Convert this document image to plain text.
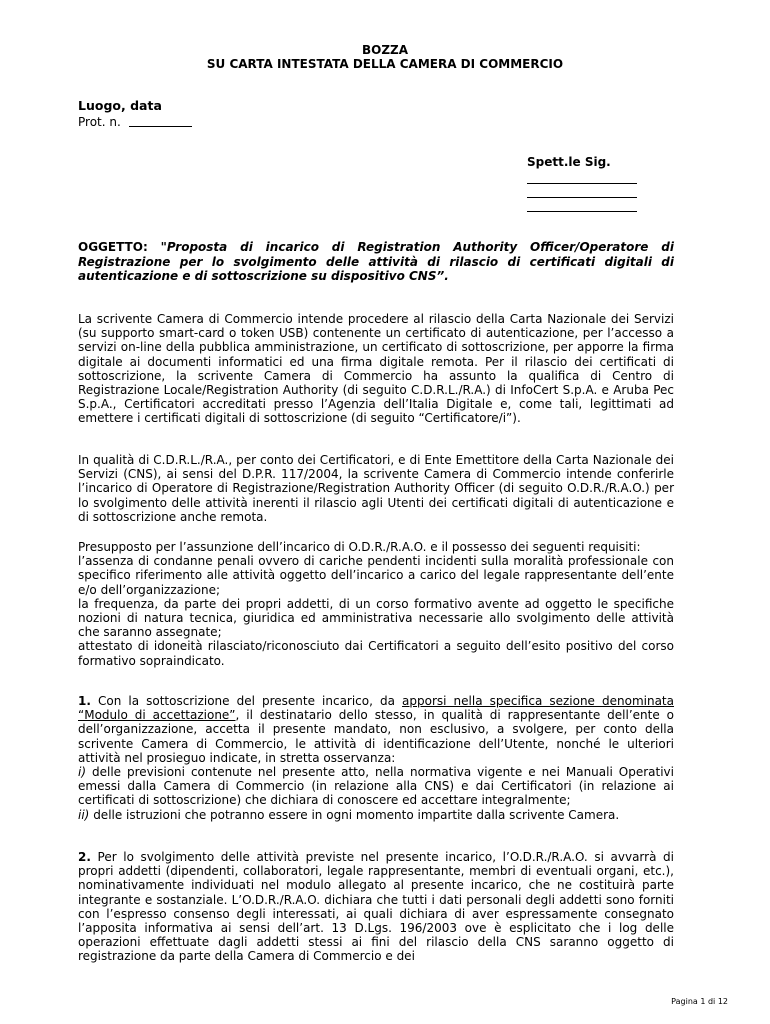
BOZZA
SU CARTA INTESTATA DELLA CAMERA DI COMMERCIO
Luogo, data
Prot. n.
Spett.le Sig.
OGGETTO: "Proposta di incarico di Registration Authority Officer/Operatore di Registrazione per lo svolgimento delle attività di rilascio di certificati digitali di autenticazione e di sottoscrizione su dispositivo CNS”.
La scrivente Camera di Commercio intende procedere al rilascio della Carta Nazionale dei Servizi (su supporto smart-card o token USB) contenente un certificato di autenticazione, per l’accesso a servizi on-line della pubblica amministrazione, un certificato di sottoscrizione, per apporre la firma digitale ai documenti informatici ed una firma digitale remota. Per il rilascio dei certificati di sottoscrizione, la scrivente Camera di Commercio ha assunto la qualifica di Centro di Registrazione Locale/Registration Authority (di seguito C.D.R.L./R.A.) di InfoCert S.p.A. e Aruba Pec S.p.A., Certificatori accreditati presso l’Agenzia dell’Italia Digitale e, come tali, legittimati ad emettere i certificati digitali di sottoscrizione (di seguito “Certificatore/i”).
In qualità di C.D.R.L./R.A., per conto dei Certificatori, e di Ente Emettitore della Carta Nazionale dei Servizi (CNS), ai sensi del D.P.R. 117/2004, la scrivente Camera di Commercio intende conferirle l’incarico di Operatore di Registrazione/Registration Authority Officer (di seguito O.D.R./R.A.O.) per lo svolgimento delle attività inerenti il rilascio agli Utenti dei certificati digitali di autenticazione e di sottoscrizione anche remota.
Presupposto per l’assunzione dell’incarico di O.D.R./R.A.O. e il possesso dei seguenti requisiti:
l’assenza di condanne penali ovvero di cariche pendenti incidenti sulla moralità professionale con specifico riferimento alle attività oggetto dell’incarico a carico del legale rappresentante dell’ente e/o dell’organizzazione;
la frequenza, da parte dei propri addetti, di un corso formativo avente ad oggetto le specifiche nozioni di natura tecnica, giuridica ed amministrativa necessarie allo svolgimento delle attività che saranno assegnate;
attestato di idoneità rilasciato/riconosciuto dai Certificatori a seguito dell’esito positivo del corso formativo sopraindicato.
1. Con la sottoscrizione del presente incarico, da apporsi nella specifica sezione denominata “Modulo di accettazione”, il destinatario dello stesso, in qualità di rappresentante dell’ente o dell’organizzazione, accetta il presente mandato, non esclusivo, a svolgere, per conto della scrivente Camera di Commercio, le attività di identificazione dell’Utente, nonché le ulteriori attività nel prosieguo indicate, in stretta osservanza:
i) delle previsioni contenute nel presente atto, nella normativa vigente e nei Manuali Operativi emessi dalla Camera di Commercio (in relazione alla CNS) e dai Certificatori (in relazione ai certificati di sottoscrizione) che dichiara di conoscere ed accettare integralmente;
ii) delle istruzioni che potranno essere in ogni momento impartite dalla scrivente Camera.
2. Per lo svolgimento delle attività previste nel presente incarico, l’O.D.R./R.A.O. si avvarrà di propri addetti (dipendenti, collaboratori, legale rappresentante, membri di eventuali organi, etc.), nominativamente individuati nel modulo allegato al presente incarico, che ne costituirà parte integrante e sostanziale. L’O.D.R./R.A.O. dichiara che tutti i dati personali degli addetti sono forniti con l’espresso consenso degli interessati, ai quali dichiara di aver espressamente consegnato l’apposita informativa ai sensi dell’art. 13 D.Lgs. 196/2003 ove è esplicitato che i log delle operazioni effettuate dagli addetti stessi ai fini del rilascio della CNS saranno oggetto di registrazione da parte della Camera di Commercio e dei
Pagina 1 di 12
